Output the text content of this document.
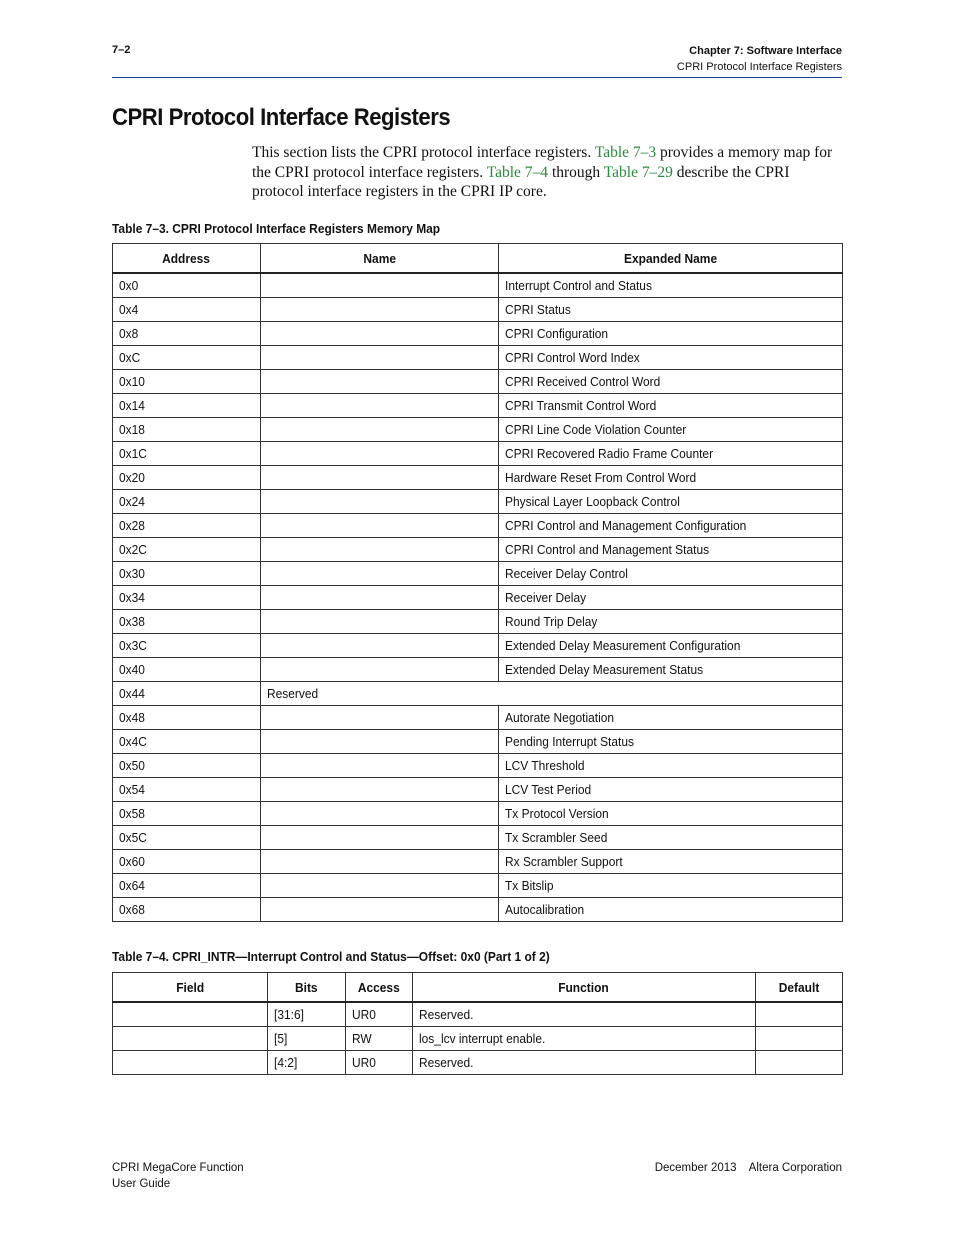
7–2	Chapter 7: Software Interface
CPRI Protocol Interface Registers
CPRI Protocol Interface Registers
This section lists the CPRI protocol interface registers. Table 7–3 provides a memory map for the CPRI protocol interface registers. Table 7–4 through Table 7–29 describe the CPRI protocol interface registers in the CPRI IP core.
Table 7–3. CPRI Protocol Interface Registers Memory Map
Address	Name	Expanded Name
0x0		Interrupt Control and Status
0x4		CPRI Status
0x8		CPRI Configuration
0xC		CPRI Control Word Index
0x10		CPRI Received Control Word
0x14		CPRI Transmit Control Word
0x18		CPRI Line Code Violation Counter
0x1C		CPRI Recovered Radio Frame Counter
0x20		Hardware Reset From Control Word
0x24		Physical Layer Loopback Control
0x28		CPRI Control and Management Configuration
0x2C		CPRI Control and Management Status
0x30		Receiver Delay Control
0x34		Receiver Delay
0x38		Round Trip Delay
0x3C		Extended Delay Measurement Configuration
0x40		Extended Delay Measurement Status
0x44	Reserved	
0x48		Autorate Negotiation
0x4C		Pending Interrupt Status
0x50		LCV Threshold
0x54		LCV Test Period
0x58		Tx Protocol Version
0x5C		Tx Scrambler Seed
0x60		Rx Scrambler Support
0x64		Tx Bitslip
0x68		Autocalibration
Table 7–4. CPRI_INTR—Interrupt Control and Status—Offset: 0x0 (Part 1 of 2)
Field	Bits	Access	Function	Default
	[31:6]	UR0	Reserved.	
	[5]	RW	los_lcv interrupt enable.	
	[4:2]	UR0	Reserved.	
CPRI MegaCore Function
User Guide
December 2013    Altera Corporation
